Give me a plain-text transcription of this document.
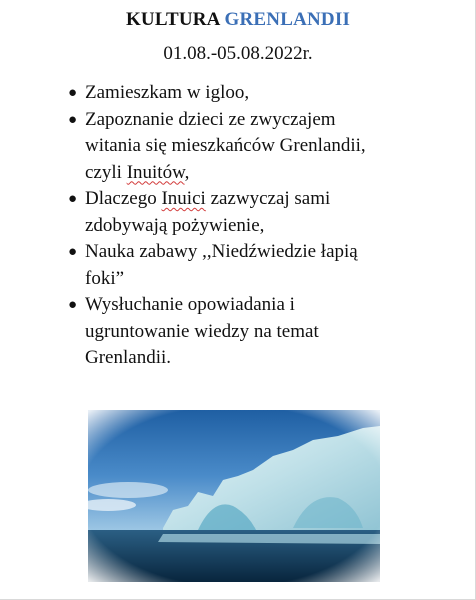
KULTURA GRENLANDII
01.08.-05.08.2022r.
● Zamieszkam w igloo,
● Zapoznanie dzieci ze zwyczajem
witania się mieszkańców Grenlandii,
czyli Inuitów,
● Dlaczego Inuici zazwyczaj sami
zdobywają pożywienie,
● Nauka zabawy ,,Niedźwiedzie łapią
foki”
● Wysłuchanie opowiadania i
ugruntowanie wiedzy na temat
Grenlandii.
